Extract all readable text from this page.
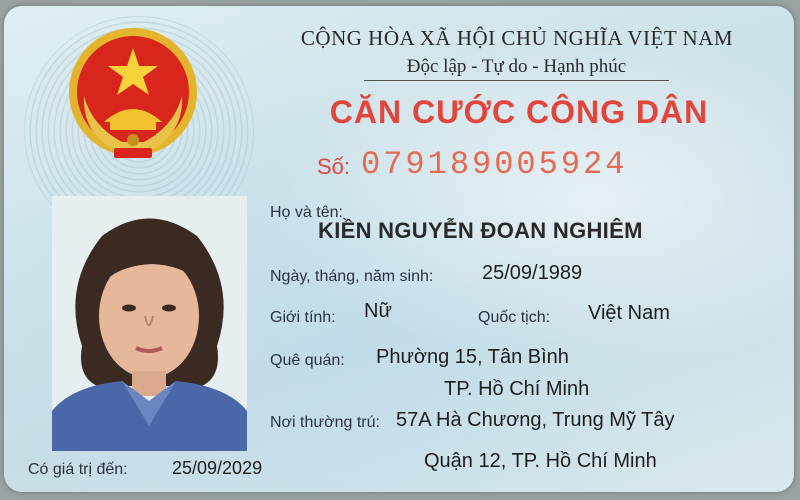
CỘNG HÒA XÃ HỘI CHỦ NGHĨA VIỆT NAM
Độc lập - Tự do - Hạnh phúc
CĂN CƯỚC CÔNG DÂN
Số: 079189005924
Họ và tên:
KIỀN NGUYỄN ĐOAN NGHIÊM
Ngày, tháng, năm sinh: 25/09/1989
Giới tính: Nữ	Quốc tịch: Việt Nam
Quê quán: Phường 15, Tân Bình
TP. Hồ Chí Minh
Nơi thường trú: 57A Hà Chương, Trung Mỹ Tây
Quận 12, TP. Hồ Chí Minh
Có giá trị đến: 25/09/2029
